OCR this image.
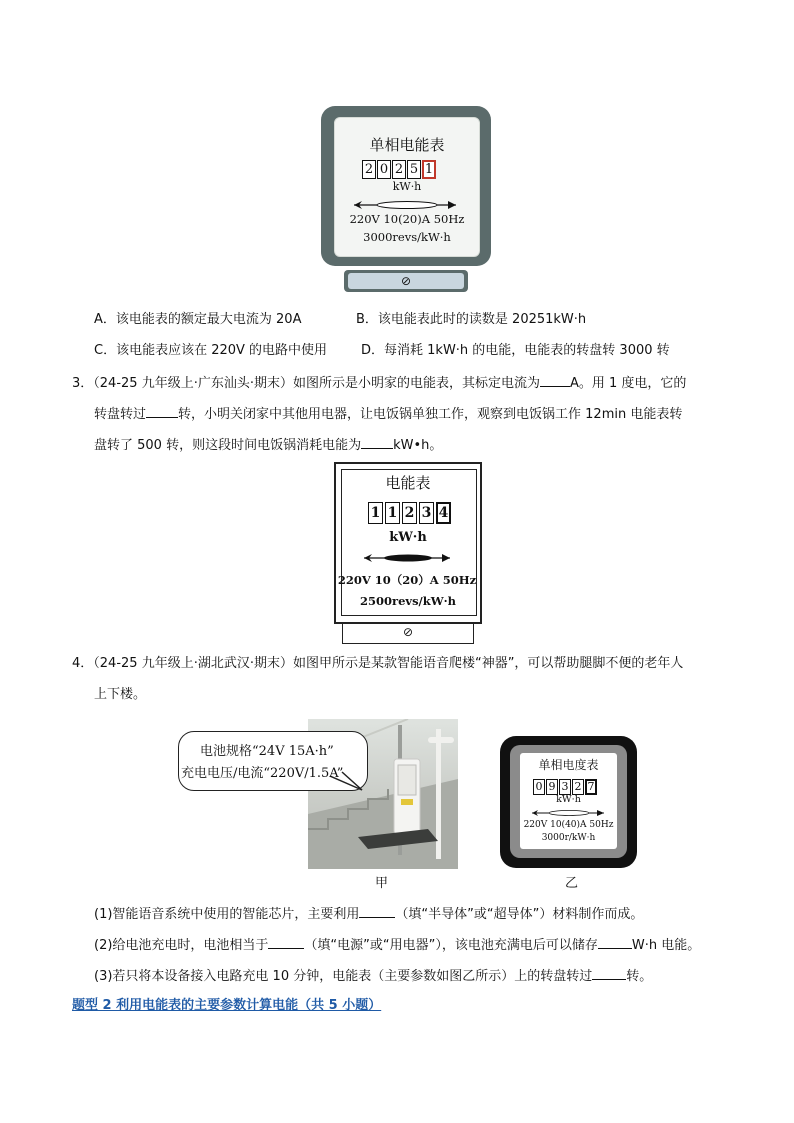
单相电能表
2 0 2 5 1
kW·h
220V 10(20)A 50Hz
3000revs/kW·h
⊘
A．该电能表的额定最大电流为 20A	B．该电能表此时的读数是 20251kW·h
C．该电能表应该在 220V 的电路中使用	D．每消耗 1kW·h 的电能，电能表的转盘转 3000 转
3．（24-25 九年级上·广东汕头·期末）如图所示是小明家的电能表，其标定电流为 A。用 1 度电，它的
转盘转过 转，小明关闭家中其他用电器，让电饭锅单独工作，观察到电饭锅工作 12min 电能表转
盘转了 500 转，则这段时间电饭锅消耗电能为 kW•h。
电能表
1 1 2 3 4
kW·h
220V 10（20）A 50Hz
2500revs/kW·h
⊘
4．（24-25 九年级上·湖北武汉·期末）如图甲所示是某款智能语音爬楼“神器”，可以帮助腿脚不便的老年人
上下楼。
电池规格“24V 15A·h”
充电电压/电流“220V/1.5A”
单相电度表
0 9 3 2 7
kW·h
220V 10(40)A 50Hz
3000r/kW·h
甲	乙
(1)智能语音系统中使用的智能芯片，主要利用	（填“半导体”或“超导体”）材料制作而成。
(2)给电池充电时，电池相当于	（填“电源”或“用电器”），该电池充满电后可以储存	W·h 电能。
(3)若只将本设备接入电路充电 10 分钟，电能表（主要参数如图乙所示）上的转盘转过	转。
题型 2 利用电能表的主要参数计算电能（共 5 小题）
